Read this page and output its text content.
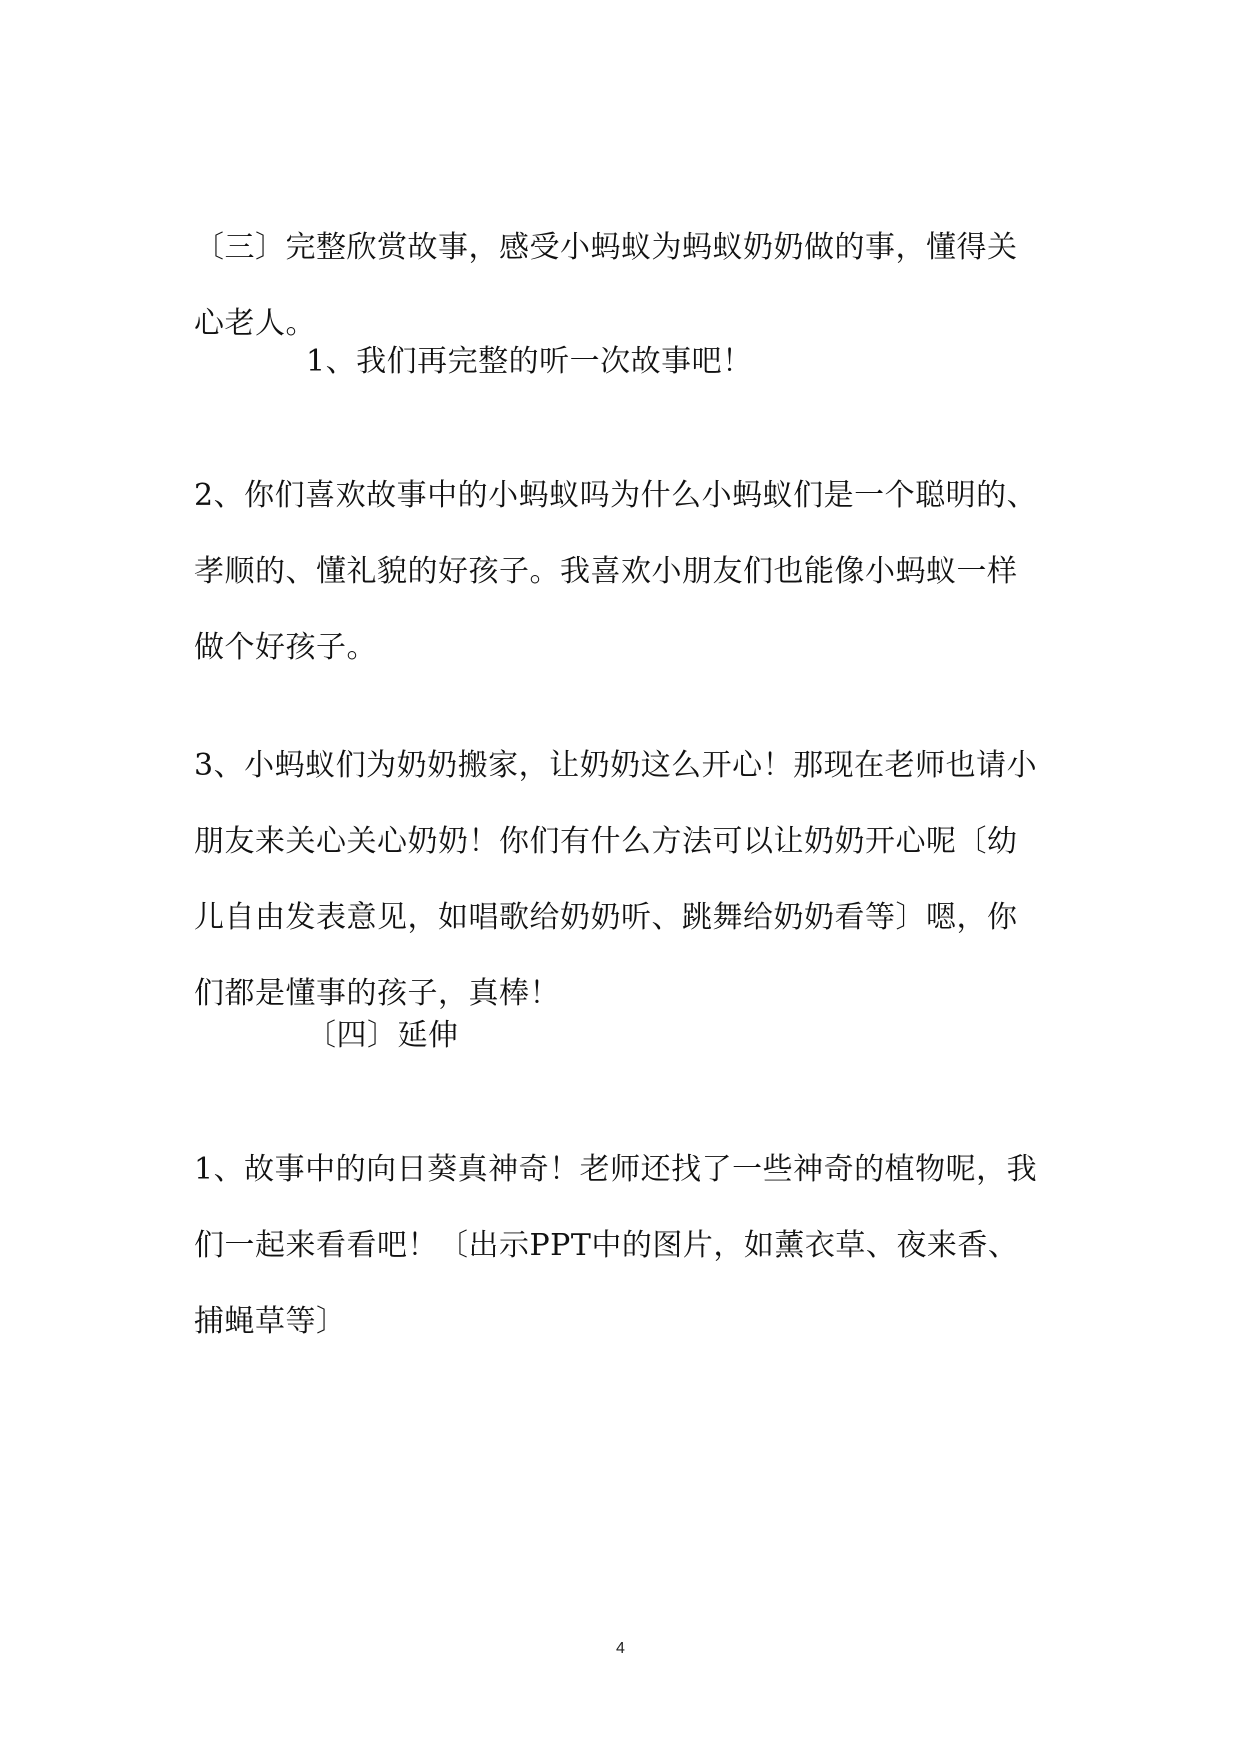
〔三〕完整欣赏故事，感受小蚂蚁为蚂蚁奶奶做的事，懂得关心老人。

1、我们再完整的听一次故事吧！

2、你们喜欢故事中的小蚂蚁吗为什么小蚂蚁们是一个聪明的、孝顺的、懂礼貌的好孩子。我喜欢小朋友们也能像小蚂蚁一样做个好孩子。

3、小蚂蚁们为奶奶搬家，让奶奶这么开心！那现在老师也请小朋友来关心关心奶奶！你们有什么方法可以让奶奶开心呢〔幼儿自由发表意见，如唱歌给奶奶听、跳舞给奶奶看等〕嗯，你们都是懂事的孩子，真棒！

〔四〕延伸

1、故事中的向日葵真神奇！老师还找了一些神奇的植物呢，我们一起来看看吧！〔出示PPT中的图片，如薰衣草、夜来香、捕蝇草等〕

4
